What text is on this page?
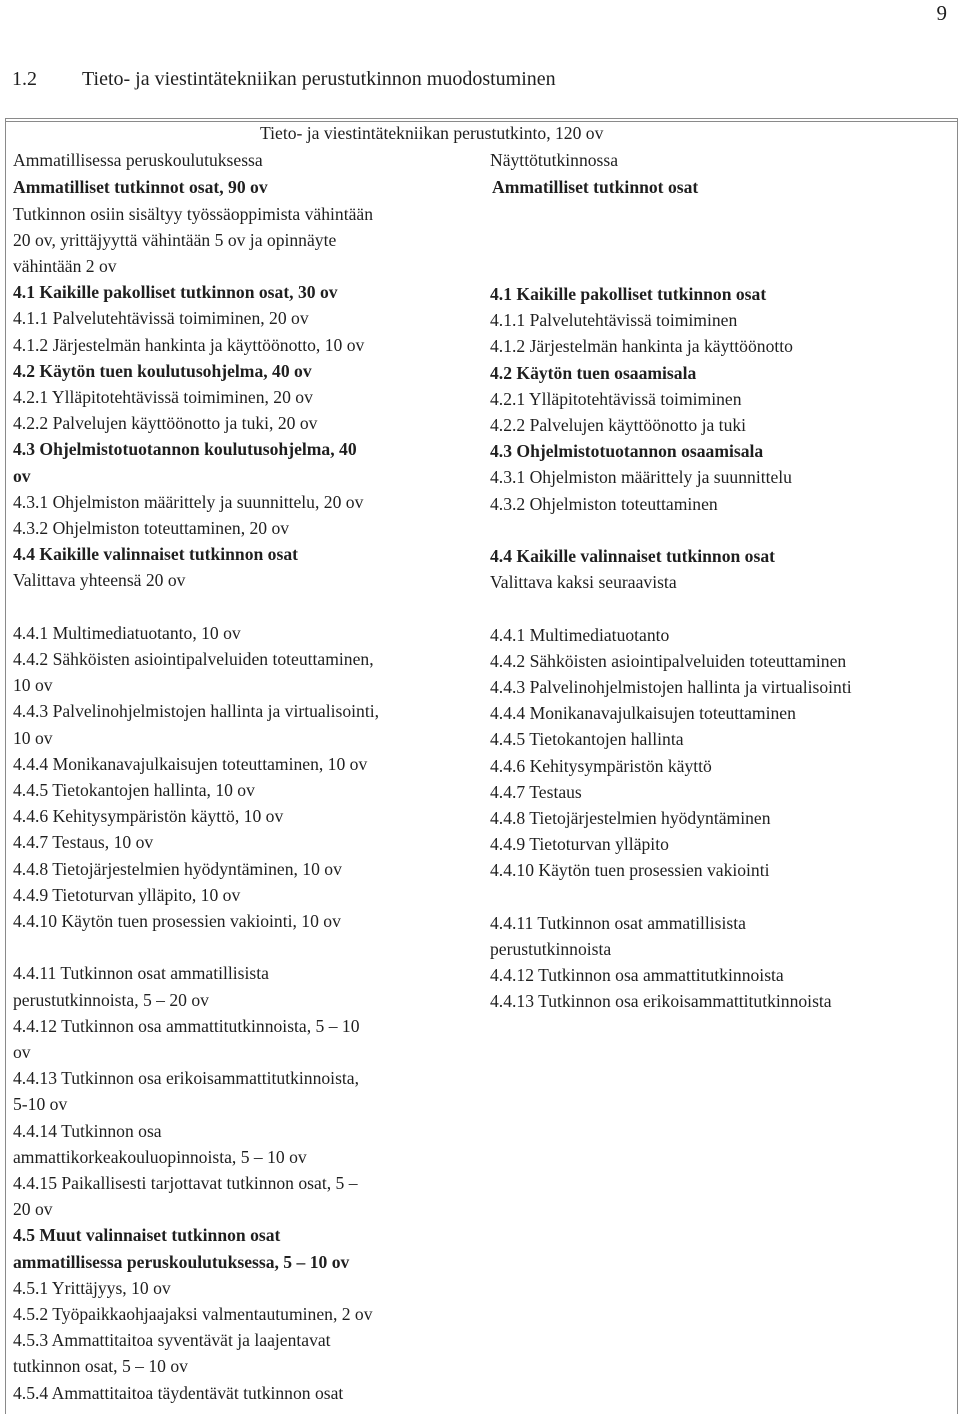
9
1.2 Tieto- ja viestintätekniikan perustutkinnon muodostuminen
Tieto- ja viestintätekniikan perustutkinto, 120 ov
Ammatillisessa peruskoulutuksessa	Näyttötutkinnossa
Ammatilliset tutkinnot osat, 90 ov	Ammatilliset tutkinnot osat
Tutkinnon osiin sisältyy työssäoppimista vähintään
20 ov, yrittäjyyttä vähintään 5 ov ja opinnäyte
vähintään 2 ov
4.1 Kaikille pakolliset tutkinnon osat, 30 ov
4.1.1 Palvelutehtävissä toimiminen, 20 ov
4.1.2 Järjestelmän hankinta ja käyttöönotto, 10 ov
4.2 Käytön tuen koulutusohjelma, 40 ov
4.2.1 Ylläpitotehtävissä toimiminen, 20 ov
4.2.2 Palvelujen käyttöönotto ja tuki, 20 ov
4.3 Ohjelmistotuotannon koulutusohjelma, 40
ov
4.3.1 Ohjelmiston määrittely ja suunnittelu, 20 ov
4.3.2 Ohjelmiston toteuttaminen, 20 ov
4.4 Kaikille valinnaiset tutkinnon osat
Valittava yhteensä 20 ov
4.4.1 Multimediatuotanto, 10 ov
4.4.2 Sähköisten asiointipalveluiden toteuttaminen,
10 ov
4.4.3 Palvelinohjelmistojen hallinta ja virtualisointi,
10 ov
4.4.4 Monikanavajulkaisujen toteuttaminen, 10 ov
4.4.5 Tietokantojen hallinta, 10 ov
4.4.6 Kehitysympäristön käyttö, 10 ov
4.4.7 Testaus, 10 ov
4.4.8 Tietojärjestelmien hyödyntäminen, 10 ov
4.4.9 Tietoturvan ylläpito, 10 ov
4.4.10 Käytön tuen prosessien vakiointi, 10 ov
4.4.11 Tutkinnon osat ammatillisista
perustutkinnoista, 5 – 20 ov
4.4.12 Tutkinnon osa ammattitutkinnoista, 5 – 10
ov
4.4.13 Tutkinnon osa erikoisammattitutkinnoista,
5-10 ov
4.4.14 Tutkinnon osa
ammattikorkeakouluopinnoista, 5 – 10 ov
4.4.15 Paikallisesti tarjottavat tutkinnon osat, 5 –
20 ov
4.5 Muut valinnaiset tutkinnon osat
ammatillisessa peruskoulutuksessa, 5 – 10 ov
4.5.1 Yrittäjyys, 10 ov
4.5.2 Työpaikkaohjaajaksi valmentautuminen, 2 ov
4.5.3 Ammattitaitoa syventävät ja laajentavat
tutkinnon osat, 5 – 10 ov
4.5.4 Ammattitaitoa täydentävät tutkinnon osat
4.1 Kaikille pakolliset tutkinnon osat
4.1.1 Palvelutehtävissä toimiminen
4.1.2 Järjestelmän hankinta ja käyttöönotto
4.2 Käytön tuen osaamisala
4.2.1 Ylläpitotehtävissä toimiminen
4.2.2 Palvelujen käyttöönotto ja tuki
4.3 Ohjelmistotuotannon osaamisala
4.3.1 Ohjelmiston määrittely ja suunnittelu
4.3.2 Ohjelmiston toteuttaminen
4.4 Kaikille valinnaiset tutkinnon osat
Valittava kaksi seuraavista
4.4.1 Multimediatuotanto
4.4.2 Sähköisten asiointipalveluiden toteuttaminen
4.4.3 Palvelinohjelmistojen hallinta ja virtualisointi
4.4.4 Monikanavajulkaisujen toteuttaminen
4.4.5 Tietokantojen hallinta
4.4.6 Kehitysympäristön käyttö
4.4.7 Testaus
4.4.8 Tietojärjestelmien hyödyntäminen
4.4.9 Tietoturvan ylläpito
4.4.10 Käytön tuen prosessien vakiointi
4.4.11 Tutkinnon osat ammatillisista
perustutkinnoista
4.4.12 Tutkinnon osa ammattitutkinnoista
4.4.13 Tutkinnon osa erikoisammattitutkinnoista
